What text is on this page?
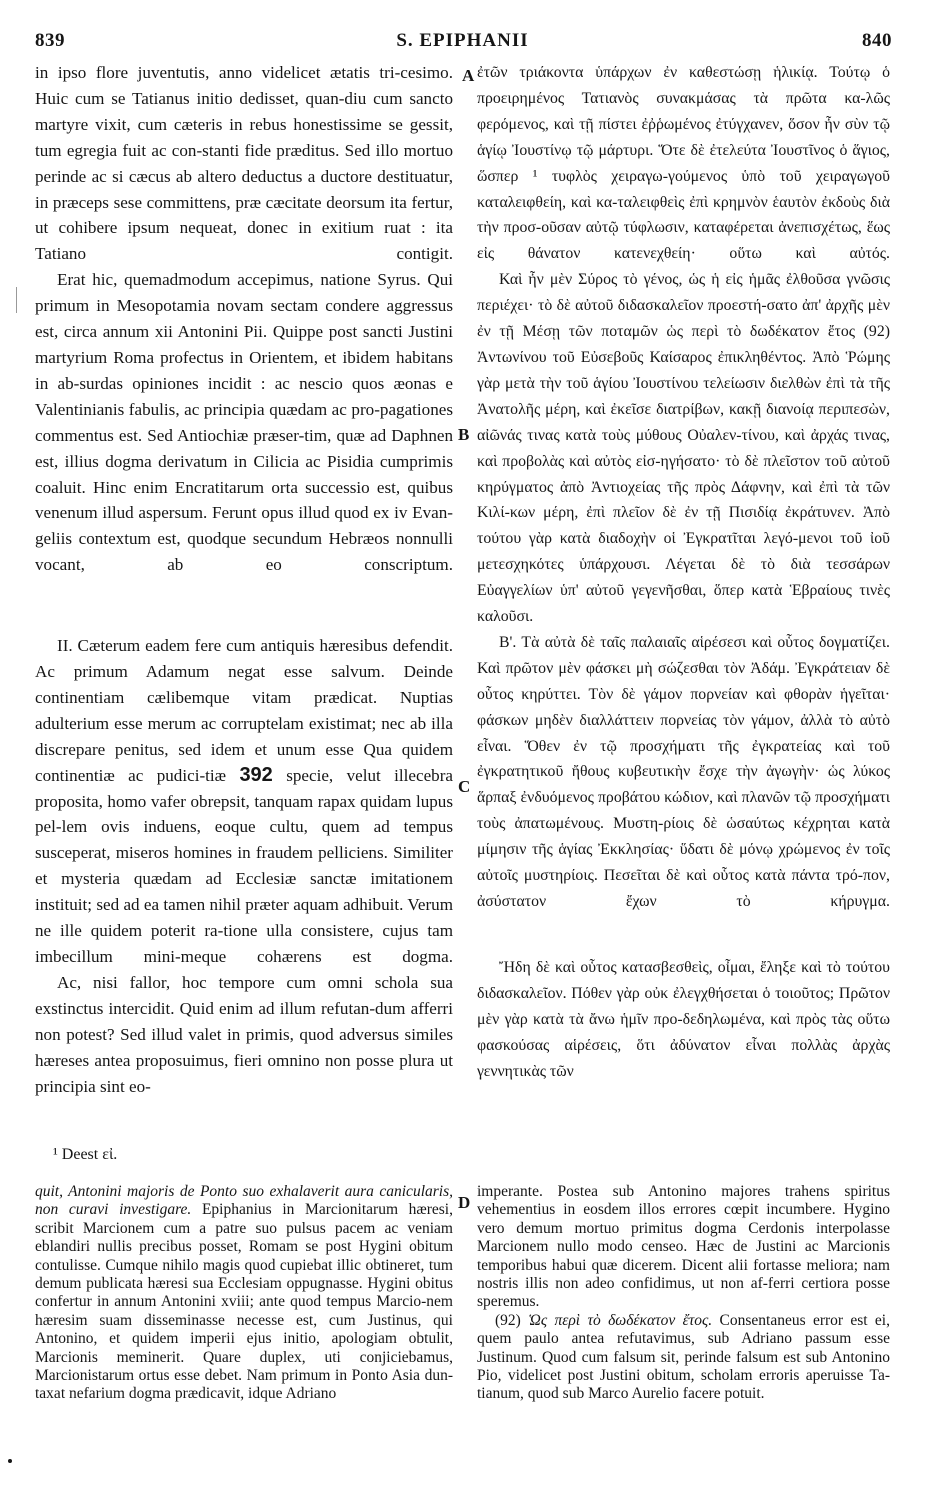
839	S. EPIPHANII	840

in ipso flore juventutis, anno videlicet ætatis tri-cesimo. Huic cum se Tatianus initio dedisset, quan-diu cum sancto martyre vixit, cum cæteris in rebus honestissime se gessit, tum egregia fuit ac con-stanti fide præditus. Sed illo mortuo perinde ac si cæcus ab altero deductus a ductore destituatur, in præceps sese committens, præ cæcitate deorsum ita fertur, ut cohibere ipsum nequeat, donec in exitium ruat : ita Tatiano contigit.

Erat hic, quemadmodum accepimus, natione Syrus. Qui primum in Mesopotamia novam sectam condere aggressus est, circa annum xii Antonini Pii. Quippe post sancti Justini martyrium Roma profectus in Orientem, et ibidem habitans in ab-surdas opiniones incidit : ac nescio quos æonas e Valentinianis fabulis, ac principia quædam ac pro-pagationes commentus est. Sed Antiochiæ præser-tim, quæ ad Daphnen est, illius dogma derivatum in Cilicia ac Pisidia cumprimis coaluit. Hinc enim Encratitarum orta successio est, quibus venenum illud aspersum. Ferunt opus illud quod ex iv Evan-geliis contextum est, quodque secundum Hebræos nonnulli vocant, ab eo conscriptum.

II. Cæterum eadem fere cum antiquis hæresibus defendit. Ac primum Adamum negat esse salvum. Deinde continentiam cælibemque vitam prædicat. Nuptias adulterium esse merum ac corruptelam existimat; nec ab illa discrepare penitus, sed idem et unum esse Qua quidem continentiæ ac pudici-tiæ 392 specie, velut illecebra proposita, homo vafer obrepsit, tanquam rapax quidam lupus pel-lem ovis induens, eoque cultu, quem ad tempus susceperat, miseros homines in fraudem pelliciens. Similiter et mysteria quædam ad Ecclesiæ sanctæ imitationem instituit; sed ad ea tamen nihil præter aquam adhibuit. Verum ne ille quidem poterit ra-tione ulla consistere, cujus tam imbecillum mini-meque cohærens est dogma.

Ac, nisi fallor, hoc tempore cum omni schola sua exstinctus intercidit. Quid enim ad illum refutan-dum afferri non potest? Sed illud valet in primis, quod adversus similes hæreses antea proposuimus, fieri omnino non posse plura ut principia sint eo-

A
B
C
D

ἐτῶν τριάκοντα ὑπάρχων ἐν καθεστώσῃ ἡλικίᾳ. Τούτῳ ὁ προειρημένος Τατιανὸς συνακμάσας τὰ πρῶτα κα-λῶς φερόμενος, καὶ τῇ πίστει ἐῤῥωμένος ἐτύγχανεν, ὅσον ἦν σὺν τῷ ἁγίῳ Ἰουστίνῳ τῷ μάρτυρι. Ὅτε δὲ ἐτελεύτα Ἰουστῖνος ὁ ἅγιος, ὥσπερ ¹ τυφλὸς χειραγω-γούμενος ὑπὸ τοῦ χειραγωγοῦ καταλειφθείη, καὶ κα-ταλειφθεὶς ἐπὶ κρημνὸν ἑαυτὸν ἐκδοὺς διὰ τὴν προσ-οῦσαν αὐτῷ τύφλωσιν, καταφέρεται ἀνεπισχέτως, ἕως εἰς θάνατον κατενεχθείη· οὕτω καὶ αὐτός.

Καὶ ἦν μὲν Σύρος τὸ γένος, ὡς ἡ εἰς ἡμᾶς ἐλθοῦσα γνῶσις περιέχει· τὸ δὲ αὐτοῦ διδασκαλεῖον προεστή-σατο ἀπ' ἀρχῆς μὲν ἐν τῇ Μέσῃ τῶν ποταμῶν ὡς περὶ τὸ δωδέκατον ἔτος (92) Ἀντωνίνου τοῦ Εὐσεβοῦς Καίσαρος ἐπικληθέντος. Ἀπὸ Ῥώμης γὰρ μετὰ τὴν τοῦ ἁγίου Ἰουστίνου τελείωσιν διελθὼν ἐπὶ τὰ τῆς Ἀνατολῆς μέρη, καὶ ἐκεῖσε διατρίβων, κακῇ διανοίᾳ περιπεσὼν, αἰῶνάς τινας κατὰ τοὺς μύθους Οὐαλεν-τίνου, καὶ ἀρχάς τινας, καὶ προβολὰς καὶ αὐτὸς εἰσ-ηγήσατο· τὸ δὲ πλεῖστον τοῦ αὐτοῦ κηρύγματος ἀπὸ Ἀντιοχείας τῆς πρὸς Δάφνην, καὶ ἐπὶ τὰ τῶν Κιλί-κων μέρη, ἐπὶ πλεῖον δὲ ἐν τῇ Πισιδίᾳ ἐκράτυνεν. Ἀπὸ τούτου γὰρ κατὰ διαδοχὴν οἱ Ἐγκρατῖται λεγό-μενοι τοῦ ἰοῦ μετεσχηκότες ὑπάρχουσι. Λέγεται δὲ τὸ διὰ τεσσάρων Εὐαγγελίων ὑπ' αὐτοῦ γεγενῆσθαι, ὅπερ κατὰ Ἑβραίους τινὲς καλοῦσι.

Β'. Τὰ αὐτὰ δὲ ταῖς παλαιαῖς αἱρέσεσι καὶ οὗτος δογματίζει. Καὶ πρῶτον μὲν φάσκει μὴ σώζεσθαι τὸν Ἀδάμ. Ἐγκράτειαν δὲ οὗτος κηρύττει. Τὸν δὲ γάμον πορνείαν καὶ φθορὰν ἡγεῖται· φάσκων μηδὲν διαλλάττειν πορνείας τὸν γάμον, ἀλλὰ τὸ αὐτὸ εἶναι. Ὅθεν ἐν τῷ προσχήματι τῆς ἐγκρατείας καὶ τοῦ ἐγκρατητικοῦ ἤθους κυβευτικὴν ἔσχε τὴν ἀγωγὴν· ὡς λύκος ἅρπαξ ἐνδυόμενος προβάτου κώδιον, καὶ πλανῶν τῷ προσχήματι τοὺς ἀπατωμένους. Μυστη-ρίοις δὲ ὡσαύτως κέχρηται κατὰ μίμησιν τῆς ἁγίας Ἐκκλησίας· ὕδατι δὲ μόνῳ χρώμενος ἐν τοῖς αὐτοῖς μυστηρίοις. Πεσεῖται δὲ καὶ οὗτος κατὰ πάντα τρό-πον, ἀσύστατον ἔχων τὸ κήρυγμα.

Ἤδη δὲ καὶ οὗτος κατασβεσθεὶς, οἶμαι, ἔληξε καὶ τὸ τούτου διδασκαλεῖον. Πόθεν γὰρ οὐκ ἐλεγχθήσεται ὁ τοιοῦτος; Πρῶτον μὲν γὰρ κατὰ τὰ ἄνω ἡμῖν προ-δεδηλωμένα, καὶ πρὸς τὰς οὕτω φασκούσας αἱρέσεις, ὅτι ἀδύνατον εἶναι πολλὰς ἀρχὰς γεννητικὰς τῶν

¹ Deest εἰ.

quit, Antonini majoris de Ponto suo exhalaverit aura canicularis, non curavi investigare. Epiphanius in Marcionitarum hæresi, scribit Marcionem cum a patre suo pulsus pacem ac veniam eblandiri nullis precibus posset, Romam se post Hygini obitum contulisse. Cumque nihilo magis quod cupiebat illic obtineret, tum demum publicata hæresi sua Ecclesiam oppugnasse. Hygini obitus confertur in annum Antonini xviii; ante quod tempus Marcio-nem hæresim suam disseminasse necesse est, cum Justinus, qui Antonino, et quidem imperii ejus initio, apologiam obtulit, Marcionis meminerit. Quare duplex, uti conjiciebamus, Marcionistarum ortus esse debet. Nam primum in Ponto Asia dun-taxat nefarium dogma prædicavit, idque Adriano

imperante. Postea sub Antonino majores trahens spiritus vehementius in eosdem illos errores cœpit incumbere. Hygino vero demum mortuo primitus dogma Cerdonis interpolasse Marcionem nullo modo censeo. Hæc de Justini ac Marcionis temporibus habui quæ dicerem. Dicent alii fortasse meliora; nam nostris illis non adeo confidimus, ut non af-ferri certiora posse speremus.

(92) Ὡς περὶ τὸ δωδέκατον ἔτος. Consentaneus error est ei, quem paulo antea refutavimus, sub Adriano passum esse Justinum. Quod cum falsum sit, perinde falsum est sub Antonino Pio, videlicet post Justini obitum, scholam erroris aperuisse Ta-tianum, quod sub Marco Aurelio facere potuit.
